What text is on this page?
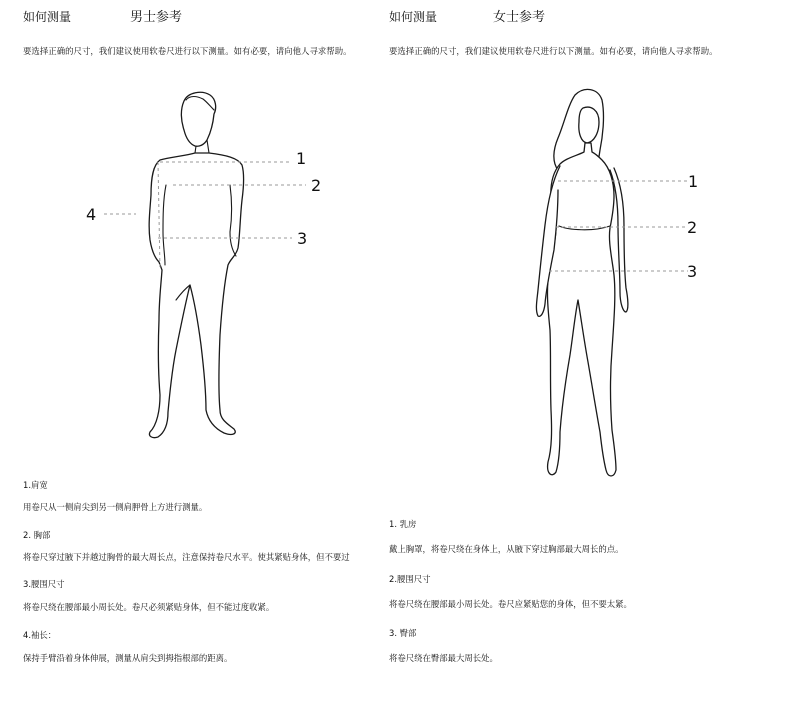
如何测量	男士参考
要选择正确的尺寸，我们建议使用软卷尺进行以下测量。如有必要，请向他人寻求帮助。
1
2
3
4
1.肩宽
用卷尺从一侧肩尖到另一侧肩胛骨上方进行测量。
2. 胸部
将卷尺穿过腋下并越过胸骨的最大周长点，注意保持卷尺水平。使其紧贴身体，但不要过
3.腰围尺寸
将卷尺绕在腰部最小周长处。卷尺必须紧贴身体，但不能过度收紧。
4.袖长：
保持手臂沿着身体伸展，测量从肩尖到拇指根部的距离。
如何测量	女士参考
要选择正确的尺寸，我们建议使用软卷尺进行以下测量。如有必要，请向他人寻求帮助。
1
2
3
1. 乳房
戴上胸罩，将卷尺绕在身体上，从腋下穿过胸部最大周长的点。
2.腰围尺寸
将卷尺绕在腰部最小周长处。卷尺应紧贴您的身体，但不要太紧。
3. 臀部
将卷尺绕在臀部最大周长处。
